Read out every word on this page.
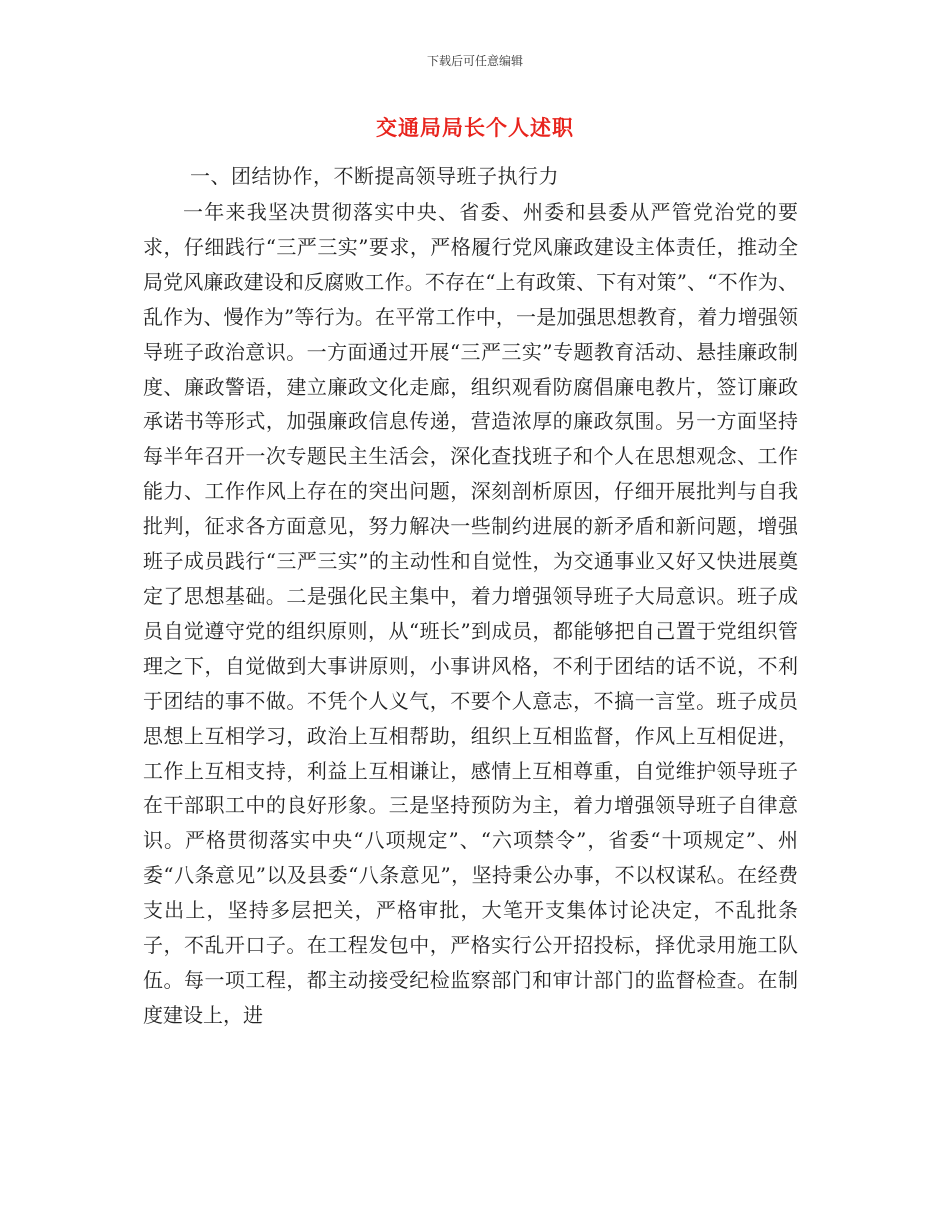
下载后可任意编辑
交通局局长个人述职
一、团结协作，不断提高领导班子执行力

一年来我坚决贯彻落实中央、省委、州委和县委从严管党治党的要求，仔细践行“三严三实”要求，严格履行党风廉政建设主体责任，推动全局党风廉政建设和反腐败工作。不存在“上有政策、下有对策”、“不作为、乱作为、慢作为”等行为。在平常工作中，一是加强思想教育，着力增强领导班子政治意识。一方面通过开展“三严三实”专题教育活动、悬挂廉政制度、廉政警语，建立廉政文化走廊，组织观看防腐倡廉电教片，签订廉政承诺书等形式，加强廉政信息传递，营造浓厚的廉政氛围。另一方面坚持每半年召开一次专题民主生活会，深化查找班子和个人在思想观念、工作能力、工作作风上存在的突出问题，深刻剖析原因，仔细开展批判与自我批判，征求各方面意见，努力解决一些制约进展的新矛盾和新问题，增强班子成员践行“三严三实”的主动性和自觉性，为交通事业又好又快进展奠定了思想基础。二是强化民主集中，着力增强领导班子大局意识。班子成员自觉遵守党的组织原则，从“班长”到成员，都能够把自己置于党组织管理之下，自觉做到大事讲原则，小事讲风格，不利于团结的话不说，不利于团结的事不做。不凭个人义气，不要个人意志，不搞一言堂。班子成员思想上互相学习，政治上互相帮助，组织上互相监督，作风上互相促进，工作上互相支持，利益上互相谦让，感情上互相尊重，自觉维护领导班子在干部职工中的良好形象。三是坚持预防为主，着力增强领导班子自律意识。严格贯彻落实中央“八项规定”、“六项禁令”，省委“十项规定”、州委“八条意见”以及县委“八条意见”，坚持秉公办事，不以权谋私。在经费支出上，坚持多层把关，严格审批，大笔开支集体讨论决定，不乱批条子，不乱开口子。在工程发包中，严格实行公开招投标，择优录用施工队伍。每一项工程，都主动接受纪检监察部门和审计部门的监督检查。在制度建设上，进
